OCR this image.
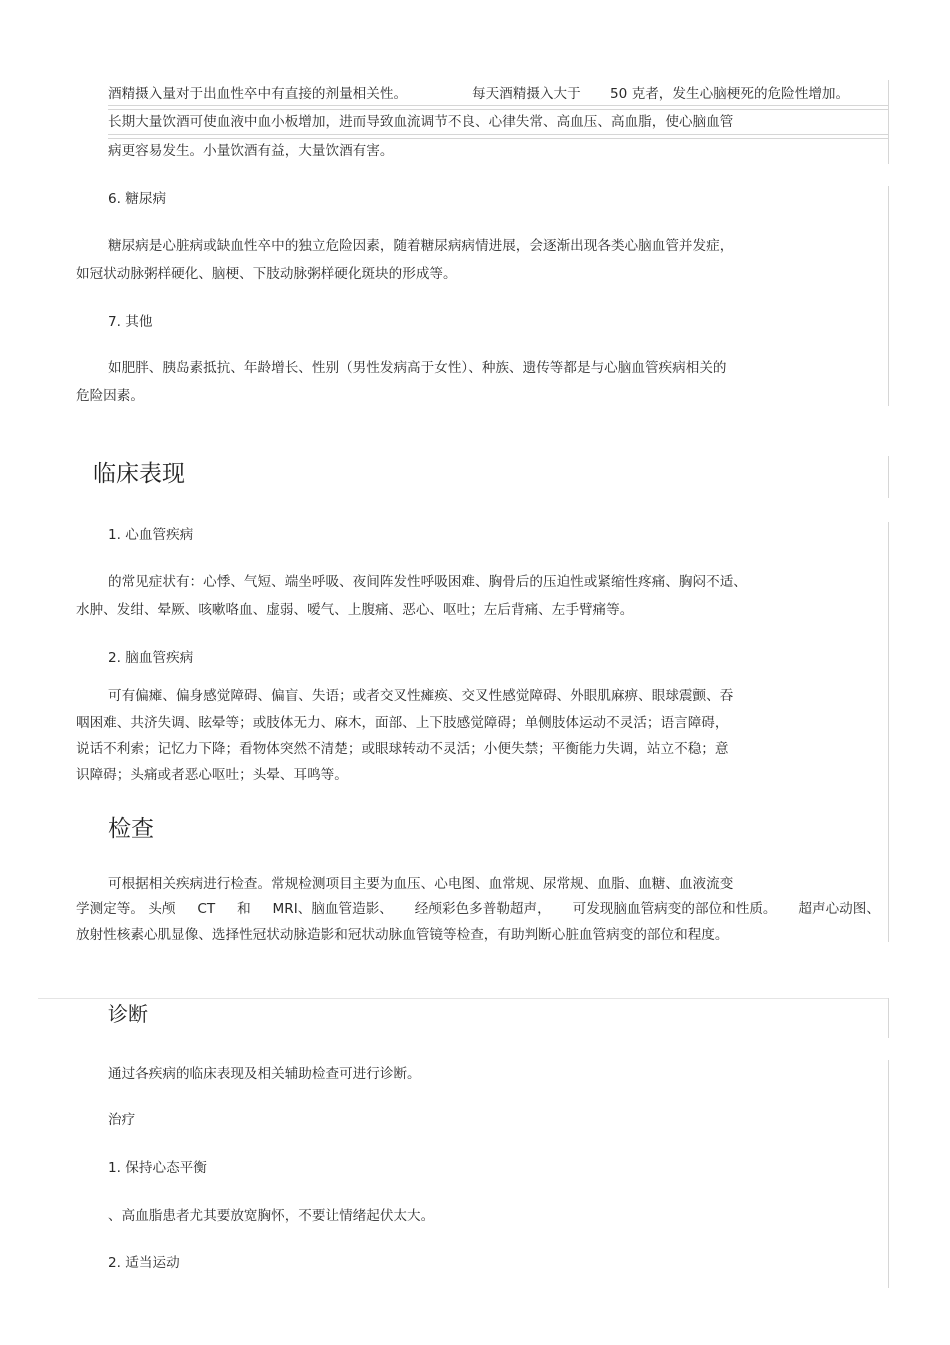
酒精摄入量对于出血性卒中有直接的剂量相关性。	每天酒精摄入大于 50 克者，发生心脑梗死的危险性增加。
长期大量饮酒可使血液中血小板增加，进而导致血流调节不良、心律失常、高血压、高血脂，使心脑血管
病更容易发生。小量饮酒有益，大量饮酒有害。
6. 糖尿病
糖尿病是心脏病或缺血性卒中的独立危险因素，随着糖尿病病情进展，会逐渐出现各类心脑血管并发症，
如冠状动脉粥样硬化、脑梗、下肢动脉粥样硬化斑块的形成等。
7. 其他
如肥胖、胰岛素抵抗、年龄增长、性别（男性发病高于女性）、种族、遗传等都是与心脑血管疾病相关的
危险因素。
临床表现
1. 心血管疾病
的常见症状有：心悸、气短、端坐呼吸、夜间阵发性呼吸困难、胸骨后的压迫性或紧缩性疼痛、胸闷不适、
水肿、发绀、晕厥、咳嗽咯血、虚弱、嗳气、上腹痛、恶心、呕吐；左后背痛、左手臂痛等。
2. 脑血管疾病
可有偏瘫、偏身感觉障碍、偏盲、失语；或者交叉性瘫痪、交叉性感觉障碍、外眼肌麻痹、眼球震颤、吞
咽困难、共济失调、眩晕等；或肢体无力、麻木，面部、上下肢感觉障碍；单侧肢体运动不灵活；语言障碍，
说话不利索；记忆力下降；看物体突然不清楚；或眼球转动不灵活；小便失禁；平衡能力失调，站立不稳；意
识障碍；头痛或者恶心呕吐；头晕、耳鸣等。
检查
可根据相关疾病进行检查。常规检测项目主要为血压、心电图、血常规、尿常规、血脂、血糖、血液流变
学测定等。 头颅 CT 和 MRI、脑血管造影、 经颅彩色多普勒超声， 可发现脑血管病变的部位和性质。 超声心动图、
放射性核素心肌显像、选择性冠状动脉造影和冠状动脉血管镜等检查，有助判断心脏血管病变的部位和程度。
诊断
通过各疾病的临床表现及相关辅助检查可进行诊断。
治疗
1. 保持心态平衡
、高血脂患者尤其要放宽胸怀，不要让情绪起伏太大。
2. 适当运动
